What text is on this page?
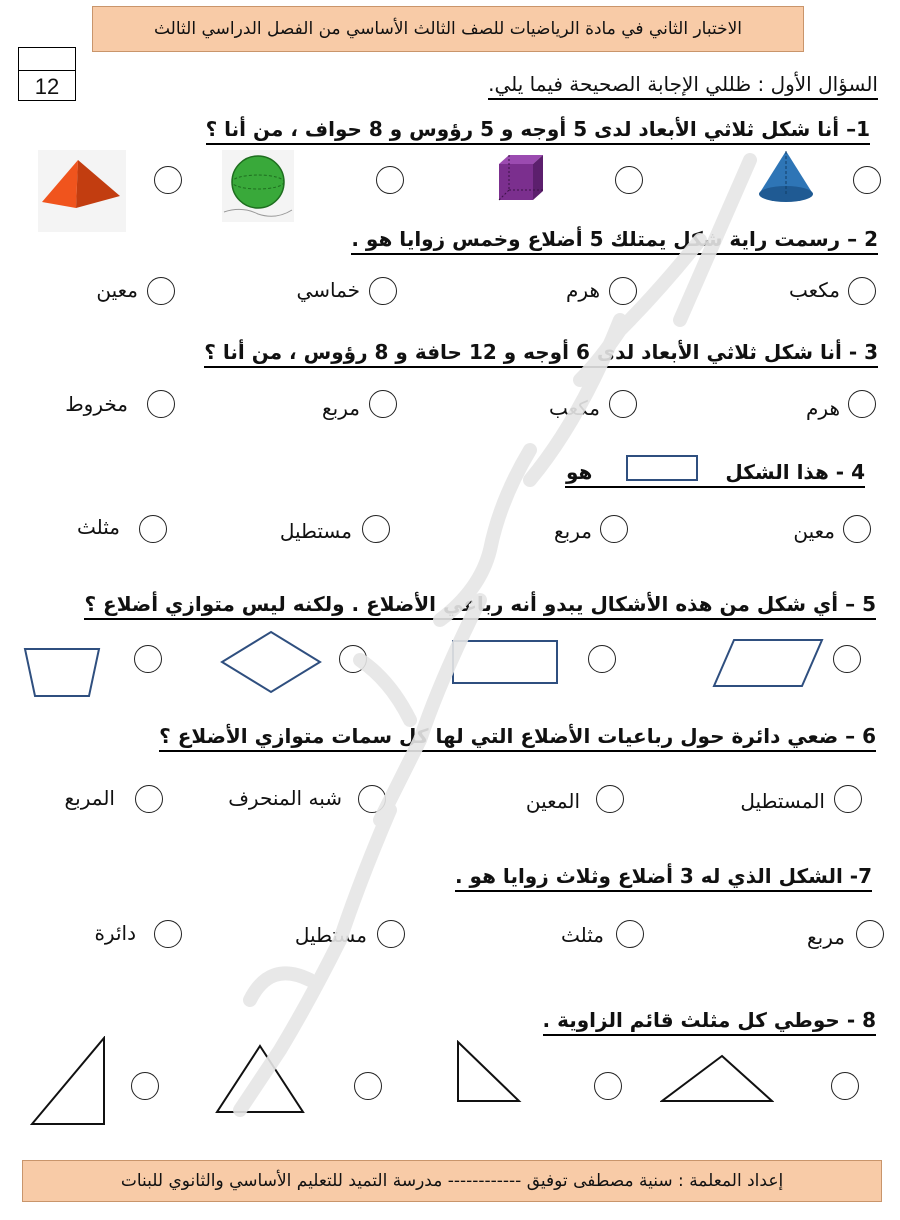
الاختبار الثاني في مادة الرياضيات للصف الثالث الأساسي من الفصل الدراسي الثالث
12	السؤال الأول : ظللي الإجابة الصحيحة فيما يلي.
1– أنا شكل ثلاثي الأبعاد لدى 5 أوجه و 5 رؤوس و 8 حواف ، من أنا ؟
2 – رسمت راية شكل يمتلك 5 أضلاع وخمس زوايا هو .
مكعب
هرم
خماسي
معين
3 - أنا شكل ثلاثي الأبعاد لدى 6 أوجه و 12 حافة و 8 رؤوس ، من أنا ؟
هرم
مكعب
مربع
مخروط
4 - هذا الشكل
هو
معين
مربع
مستطيل
مثلث
5 – أي شكل من هذه الأشكال يبدو أنه رباعي الأضلاع . ولكنه ليس متوازي أضلاع ؟
6 – ضعي دائرة حول رباعيات الأضلاع التي لها كل سمات متوازي الأضلاع ؟
المستطيل
المعين
شبه المنحرف
المربع
7- الشكل الذي له 3 أضلاع وثلاث زوايا هو .
مربع
مثلث
مستطيل
دائرة
8 - حوطي كل مثلث قائم الزاوية .
إعداد المعلمة : سنية مصطفى توفيق ------------ مدرسة التميد للتعليم الأساسي والثانوي للبنات
